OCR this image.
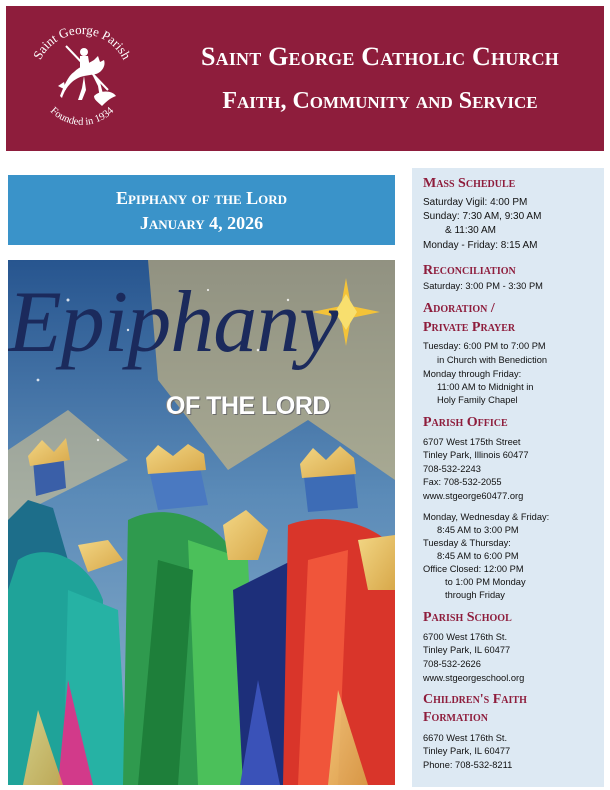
Saint George Parish
Founded in 1934
Saint George Catholic Church
Faith, Community and Service
Epiphany of the Lord
January 4, 2026
Epiphany
OF THE LORD
Mass Schedule
Saturday Vigil: 4:00 PM
Sunday: 7:30 AM, 9:30 AM
& 11:30 AM
Monday - Friday: 8:15 AM
Reconciliation
Saturday: 3:00 PM - 3:30 PM
Adoration /
Private Prayer
Tuesday: 6:00 PM to 7:00 PM
in Church with Benediction
Monday through Friday:
11:00 AM to Midnight in
Holy Family Chapel
Parish Office
6707 West 175th Street
Tinley Park, Illinois 60477
708-532-2243
Fax: 708-532-2055
www.stgeorge60477.org
Monday, Wednesday & Friday:
8:45 AM to 3:00 PM
Tuesday & Thursday:
8:45 AM to 6:00 PM
Office Closed: 12:00 PM
to 1:00 PM Monday
through Friday
Parish School
6700 West 176th St.
Tinley Park, IL 60477
708-532-2626
www.stgeorgeschool.org
Children's Faith
Formation
6670 West 176th St.
Tinley Park, IL 60477
Phone: 708-532-8211
